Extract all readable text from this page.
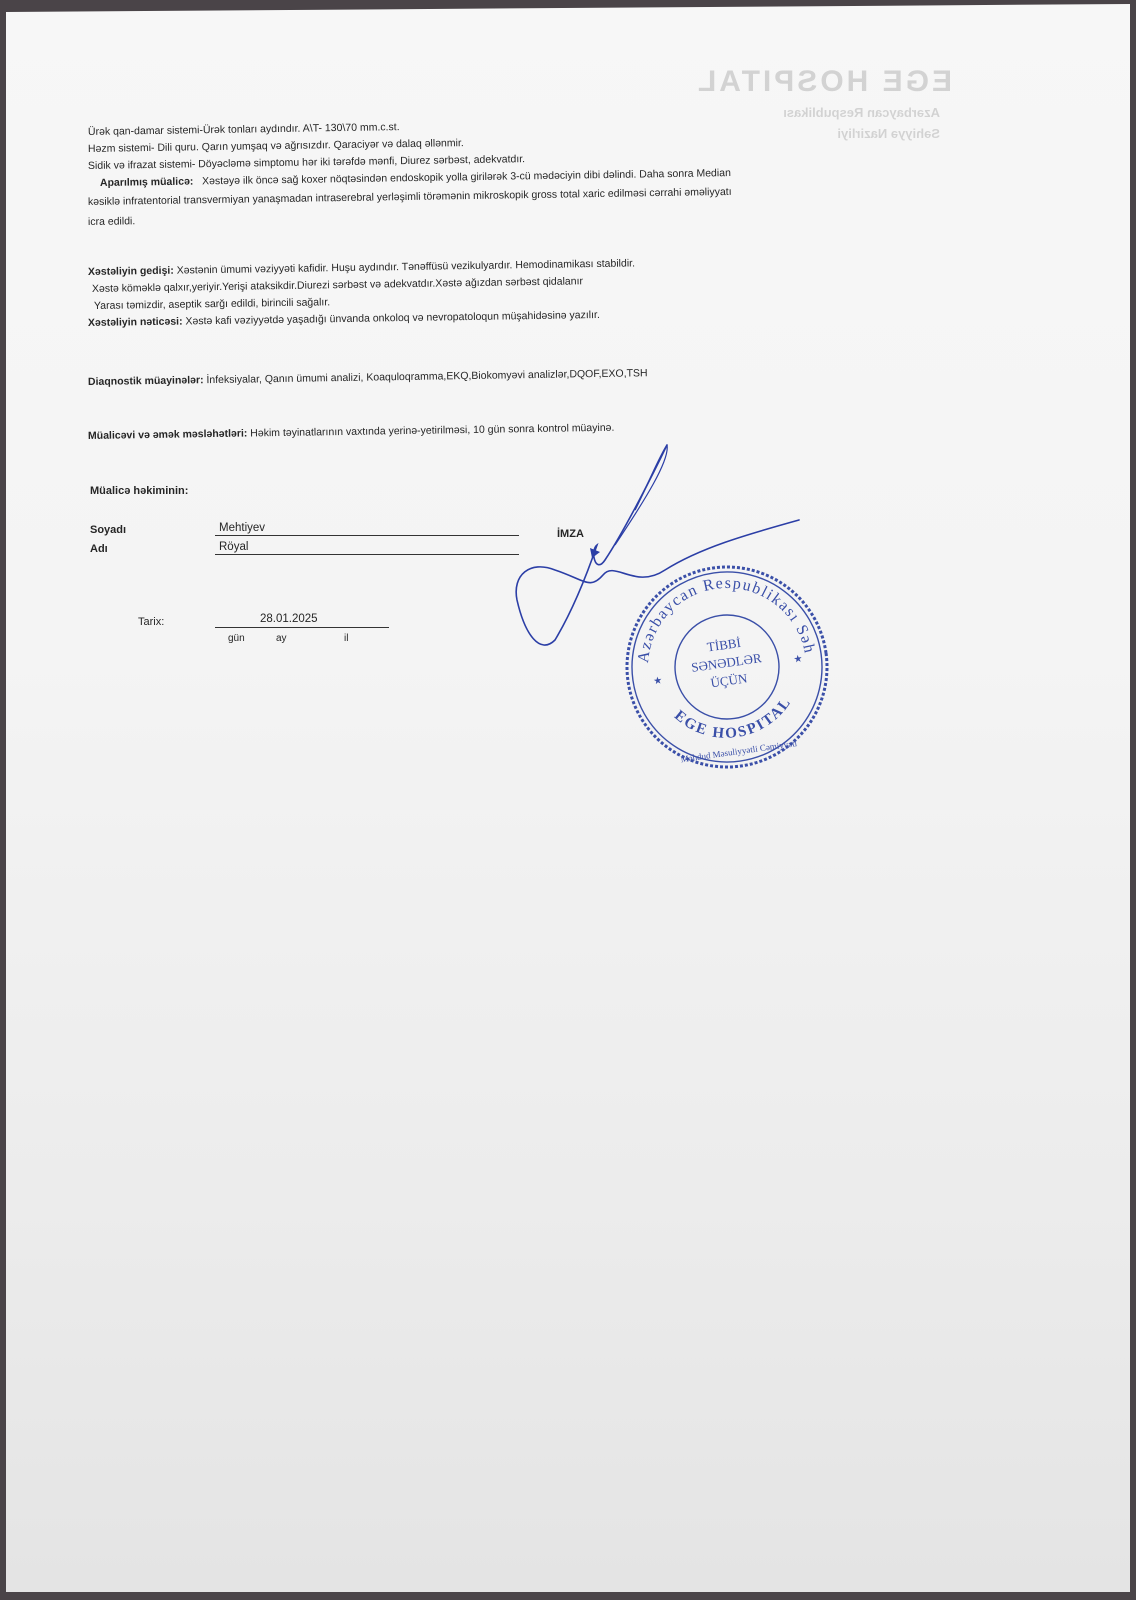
EGE HOSPITAL
Azərbaycan Respublikası
Səhiyyə Nazirliyi
Ürək qan-damar sistemi-Ürək tonları aydındır. A\T- 130\70 mm.c.st.
Həzm sistemi- Dili quru. Qarın yumşaq və ağrısızdır. Qaraciyər və dalaq əllənmir.
Sidik və ifrazat sistemi- Döyəcləmə simptomu hər iki tərəfdə mənfi, Diurez sərbəst, adekvatdır.
Aparılmış müalicə: Xəstəyə ilk öncə sağ koxer nöqtəsindən endoskopik yolla girilərək 3-cü mədəciyin dibi dəlindi. Daha sonra Median
kəsiklə infratentorial transvermiyan yanaşmadan intraserebral yerləşimli törəmənin mikroskopik gross total xaric edilməsi cərrahi əməliyyatı
icra edildi.
Xəstəliyin gedişi: Xəstənin ümumi vəziyyəti kafidir. Huşu aydındır. Tənəffüsü vezikulyardır. Hemodinamikası stabildir.
Xəstə köməklə qalxır,yeriyir.Yerişi ataksikdir.Diurezi sərbəst və adekvatdır.Xəstə ağızdan sərbəst qidalanır
Yarası təmizdir, aseptik sarğı edildi, birincili sağalır.
Xəstəliyin nəticəsi: Xəstə kafi vəziyyətdə yaşadığı ünvanda onkoloq və nevropatoloqun müşahidəsinə yazılır.
Diaqnostik müayinələr: İnfeksiyalar, Qanın ümumi analizi, Koaquloqramma,EKQ,Biokomyəvi analizlər,DQOF,EXO,TSH
Müalicəvi və əmək məsləhətləri: Həkim təyinatlarının vaxtında yerinə-yetirilməsi, 10 gün sonra kontrol müayinə.
Müalicə həkiminin:
Soyadı	Mehtiyev
Adı	Röyal
İMZA
Tarix:	28.01.2025
gün	ay	il
Azərbaycan Respublikası Səhiyyə
EGE HOSPITAL
Məhdud Məsuliyyətli Cəmiyyəti
TİBBİ
SƏNƏDLƏR
ÜÇÜN
★
★
